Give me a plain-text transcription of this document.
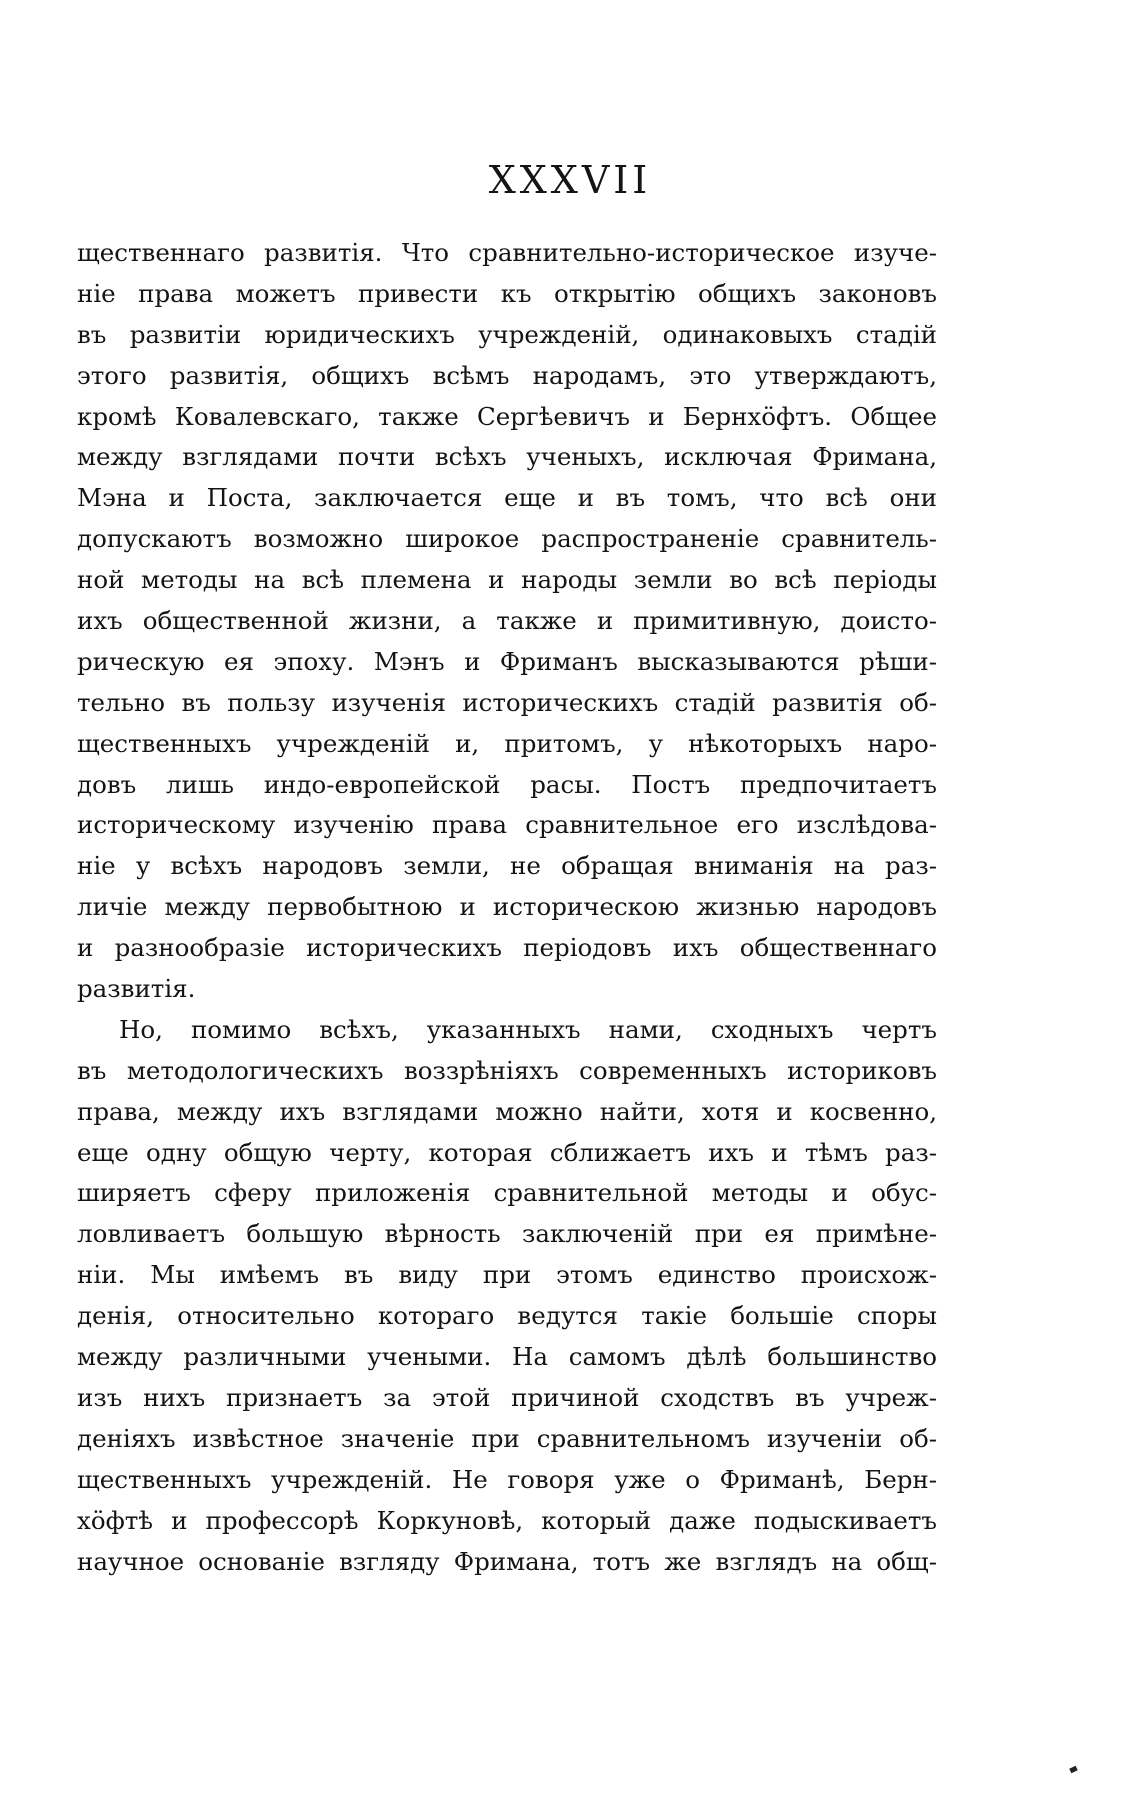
XXXVII
щественнаго развитія. Что сравнительно-историческое изуче-
ніе права можетъ привести къ открытію общихъ законовъ
въ развитіи юридическихъ учрежденій, одинаковыхъ стадій
этого развитія, общихъ всѣмъ народамъ, это утверждаютъ,
кромѣ Ковалевскаго, также Сергѣевичъ и Бернхöфтъ. Общее
между взглядами почти всѣхъ ученыхъ, исключая Фримана,
Мэна и Поста, заключается еще и въ томъ, что всѣ они
допускаютъ возможно широкое распространеніе сравнитель-
ной методы на всѣ племена и народы земли во всѣ періоды
ихъ общественной жизни, а также и примитивную, доисто-
рическую ея эпоху. Мэнъ и Фриманъ высказываются рѣши-
тельно въ пользу изученія историческихъ стадій развитія об-
щественныхъ учрежденій и, притомъ, у нѣкоторыхъ наро-
довъ лишь индо-европейской расы. Постъ предпочитаетъ
историческому изученію права сравнительное его изслѣдова-
ніе у всѣхъ народовъ земли, не обращая вниманія на раз-
личіе между первобытною и историческою жизнью народовъ
и разнообразіе историческихъ періодовъ ихъ общественнаго
развитія.
Но, помимо всѣхъ, указанныхъ нами, сходныхъ чертъ
въ методологическихъ воззрѣніяхъ современныхъ историковъ
права, между ихъ взглядами можно найти, хотя и косвенно,
еще одну общую черту, которая сближаетъ ихъ и тѣмъ раз-
ширяетъ сферу приложенія сравнительной методы и обус-
ловливаетъ большую вѣрность заключеній при ея примѣне-
ніи. Мы имѣемъ въ виду при этомъ единство происхож-
денія, относительно котораго ведутся такіе большіе споры
между различными учеными. На самомъ дѣлѣ большинство
изъ нихъ признаетъ за этой причиной сходствъ въ учреж-
деніяхъ извѣстное значеніе при сравнительномъ изученіи об-
щественныхъ учрежденій. Не говоря уже о Фриманѣ, Берн-
хöфтѣ и профессорѣ Коркуновѣ, который даже подыскиваетъ
научное основаніе взгляду Фримана, тотъ же взглядъ на общ-
